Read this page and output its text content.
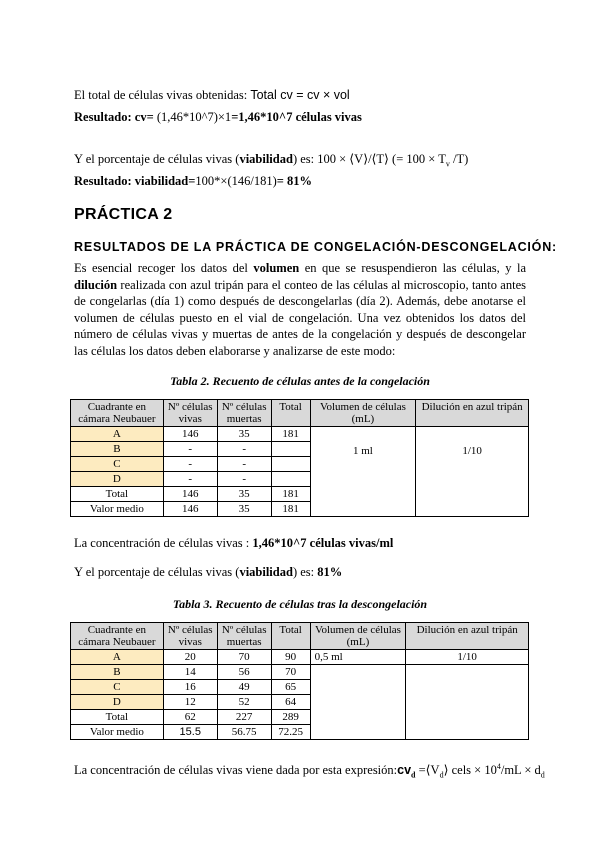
El total de células vivas obtenidas: Total cv = cv × vol
Resultado: cv= (1,46*10^7)×1=1,46*10^7 células vivas
Y el porcentaje de células vivas (viabilidad) es: 100 × ⟨V⟩/⟨T⟩ (= $100 \times T_v$ /T)
Resultado: viabilidad=100*×(146/181)= 81%
PRÁCTICA 2
RESULTADOS DE LA PRÁCTICA DE CONGELACIÓN-DESCONGELACIÓN:
Es esencial recoger los datos del volumen en que se resuspendieron las células, y la dilución realizada con azul tripán para el conteo de las células al microscopio, tanto antes de congelarlas (día 1) como después de descongelarlas (día 2). Además, debe anotarse el volumen de células puesto en el vial de congelación. Una vez obtenidos los datos del número de células vivas y muertas de antes de la congelación y después de descongelar las células los datos deben elaborarse y analizarse de este modo:
Tabla 2. Recuento de células antes de la congelación
Cuadrante en cámara Neubauer	Nº células vivas	Nº células muertas	Total	Volumen de células (mL)	Dilución en azul tripán
A	146	35	181	1 ml	1/10
B	-	-			
C	-	-			
D	-	-			
Total	146	35	181		
Valor medio	146	35	181		
La concentración de células vivas : 1,46*10^7 células vivas/ml
Y el porcentaje de células vivas (viabilidad) es: 81%
Tabla 3. Recuento de células tras la descongelación
Cuadrante en cámara Neubauer	Nº células vivas	Nº células muertas	Total	Volumen de células (mL)	Dilución en azul tripán
A	20	70	90	0,5 ml	1/10
B	14	56	70		
C	16	49	65		
D	12	52	64		
Total	62	227	289		
Valor medio	15.5	56.75	72.25		
La concentración de células vivas viene dada por esta $expresión:cv_d$ $=⟨V_d⟩$ cels × $10^4/mL \times d_d$
